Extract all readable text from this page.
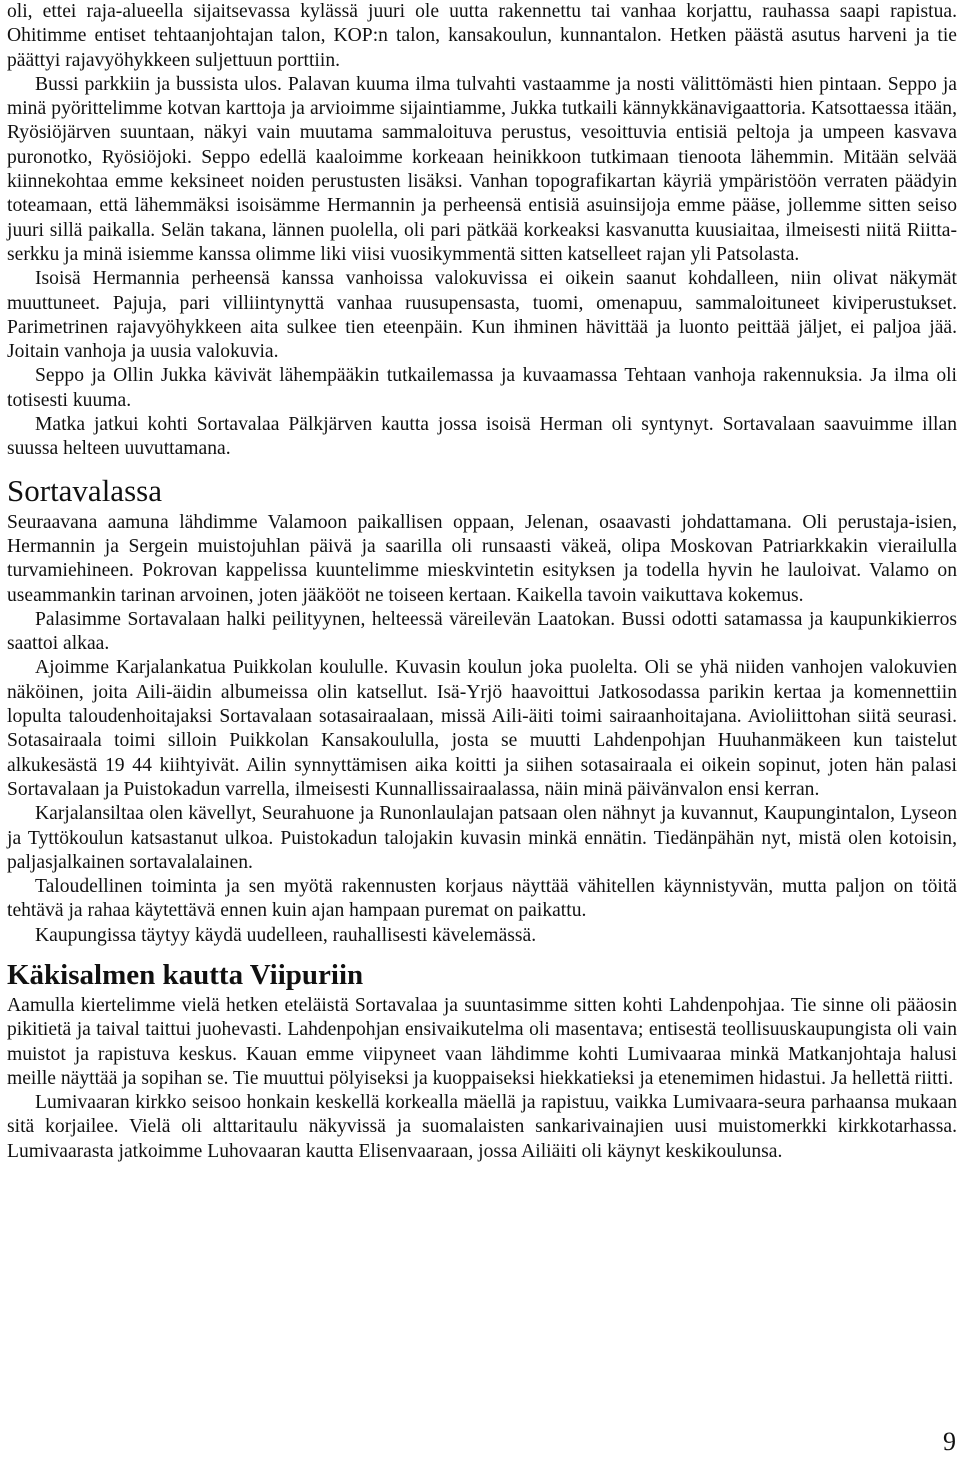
oli, ettei raja-alueella sijaitsevassa kylässä juuri ole uutta rakennettu tai vanhaa korjattu, rauhassa saapi rapistua. Ohitimme entiset tehtaanjohtajan talon, KOP:n talon, kansakoulun, kunnantalon. Hetken päästä asutus harveni ja tie päättyi rajavyöhykkeen suljettuun porttiin.

Bussi parkkiin ja bussista ulos. Palavan kuuma ilma tulvahti vastaamme ja nosti välittömästi hien pintaan. Seppo ja minä pyörittelimme kotvan karttoja ja arvioimme sijaintiamme, Jukka tutkaili kännykkänavigaattoria. Katsottaessa itään, Ryösiöjärven suuntaan, näkyi vain muutama sammaloituva perustus, vesoittuvia entisiä peltoja ja umpeen kasvava puronotko, Ryösiöjoki. Seppo edellä kaaloimme korkeaan heinikkoon tutkimaan tienoota lähemmin. Mitään selvää kiinnekohtaa emme keksineet noiden perustusten lisäksi. Vanhan topografikartan käyriä ympäristöön verraten päädyin toteamaan, että lähemmäksi isoisämme Hermannin ja perheensä entisiä asuinsijoja emme pääse, jollemme sitten seiso juuri sillä paikalla. Selän takana, lännen puolella, oli pari pätkää korkeaksi kasvanutta kuusiaitaa, ilmeisesti niitä Riitta-serkku ja minä isiemme kanssa olimme liki viisi vuosikymmentä sitten katselleet rajan yli Patsolasta.

Isoisä Hermannia perheensä kanssa vanhoissa valokuvissa ei oikein saanut kohdalleen, niin olivat näkymät muuttuneet. Pajuja, pari villiintynyttä vanhaa ruusupensasta, tuomi, omenapuu, sammaloituneet kiviperustukset. Parimetrinen rajavyöhykkeen aita sulkee tien eteenpäin. Kun ihminen hävittää ja luonto peittää jäljet, ei paljoa jää. Joitain vanhoja ja uusia valokuvia.

Seppo ja Ollin Jukka kävivät lähempääkin tutkailemassa ja kuvaamassa Tehtaan vanhoja rakennuksia. Ja ilma oli totisesti kuuma.

Matka jatkui kohti Sortavalaa Pälkjärven kautta jossa isoisä Herman oli syntynyt. Sortavalaan saavuimme illan suussa helteen uuvuttamana.

Sortavalassa

Seuraavana aamuna lähdimme Valamoon paikallisen oppaan, Jelenan, osaavasti johdattamana. Oli perustaja-isien, Hermannin ja Sergein muistojuhlan päivä ja saarilla oli runsaasti väkeä, olipa Moskovan Patriarkkakin vierailulla turvamiehineen. Pokrovan kappelissa kuuntelimme mieskvintetin esityksen ja todella hyvin he lauloivat. Valamo on useammankin tarinan arvoinen, joten jääkööt ne toiseen kertaan. Kaikella tavoin vaikuttava kokemus.

Palasimme Sortavalaan halki peilityynen, helteessä väreilevän Laatokan. Bussi odotti satamassa ja kaupunkikierros saattoi alkaa.

Ajoimme Karjalankatua Puikkolan koululle. Kuvasin koulun joka puolelta. Oli se yhä niiden vanhojen valokuvien näköinen, joita Aili-äidin albumeissa olin katsellut. Isä-Yrjö haavoittui Jatkosodassa parikin kertaa ja komennettiin lopulta taloudenhoitajaksi Sortavalaan sotasairaalaan, missä Aili-äiti toimi sairaanhoitajana. Avioliittohan siitä seurasi. Sotasairaala toimi silloin Puikkolan Kansakoululla, josta se muutti Lahdenpohjan Huuhanmäkeen kun taistelut alkukesästä 19 44 kiihtyivät. Ailin synnyttämisen aika koitti ja siihen sotasairaala ei oikein sopinut, joten hän palasi Sortavalaan ja Puistokadun varrella, ilmeisesti Kunnallissairaalassa, näin minä päivänvalon ensi kerran.

Karjalansiltaa olen kävellyt, Seurahuone ja Runonlaulajan patsaan olen nähnyt ja kuvannut, Kaupungintalon, Lyseon ja Tyttökoulun katsastanut ulkoa. Puistokadun talojakin kuvasin minkä ennätin. Tiedänpähän nyt, mistä olen kotoisin, paljasjalkainen sortavalalainen.

Taloudellinen toiminta ja sen myötä rakennusten korjaus näyttää vähitellen käynnistyvän, mutta paljon on töitä tehtävä ja rahaa käytettävä ennen kuin ajan hampaan puremat on paikattu.

Kaupungissa täytyy käydä uudelleen, rauhallisesti kävelemässä.

Käkisalmen kautta Viipuriin

Aamulla kiertelimme vielä hetken eteläistä Sortavalaa ja suuntasimme sitten kohti Lahdenpohjaa. Tie sinne oli pääosin pikitietä ja taival taittui juohevasti. Lahdenpohjan ensivaikutelma oli masentava; entisestä teollisuuskaupungista oli vain muistot ja rapistuva keskus. Kauan emme viipyneet vaan lähdimme kohti Lumivaaraa minkä Matkanjohtaja halusi meille näyttää ja sopihan se. Tie muuttui pölyiseksi ja kuoppaiseksi hiekkatieksi ja etenemimen hidastui. Ja hellettä riitti.

Lumivaaran kirkko seisoo honkain keskellä korkealla mäellä ja rapistuu, vaikka Lumivaara-seura parhaansa mukaan sitä korjailee. Vielä oli alttaritaulu näkyvissä ja suomalaisten sankarivainajien uusi muistomerkki kirkkotarhassa. Lumivaarasta jatkoimme Luhovaaran kautta Elisenvaaraan, jossa Ailiäiti oli käynyt keskikoulunsa.

9
